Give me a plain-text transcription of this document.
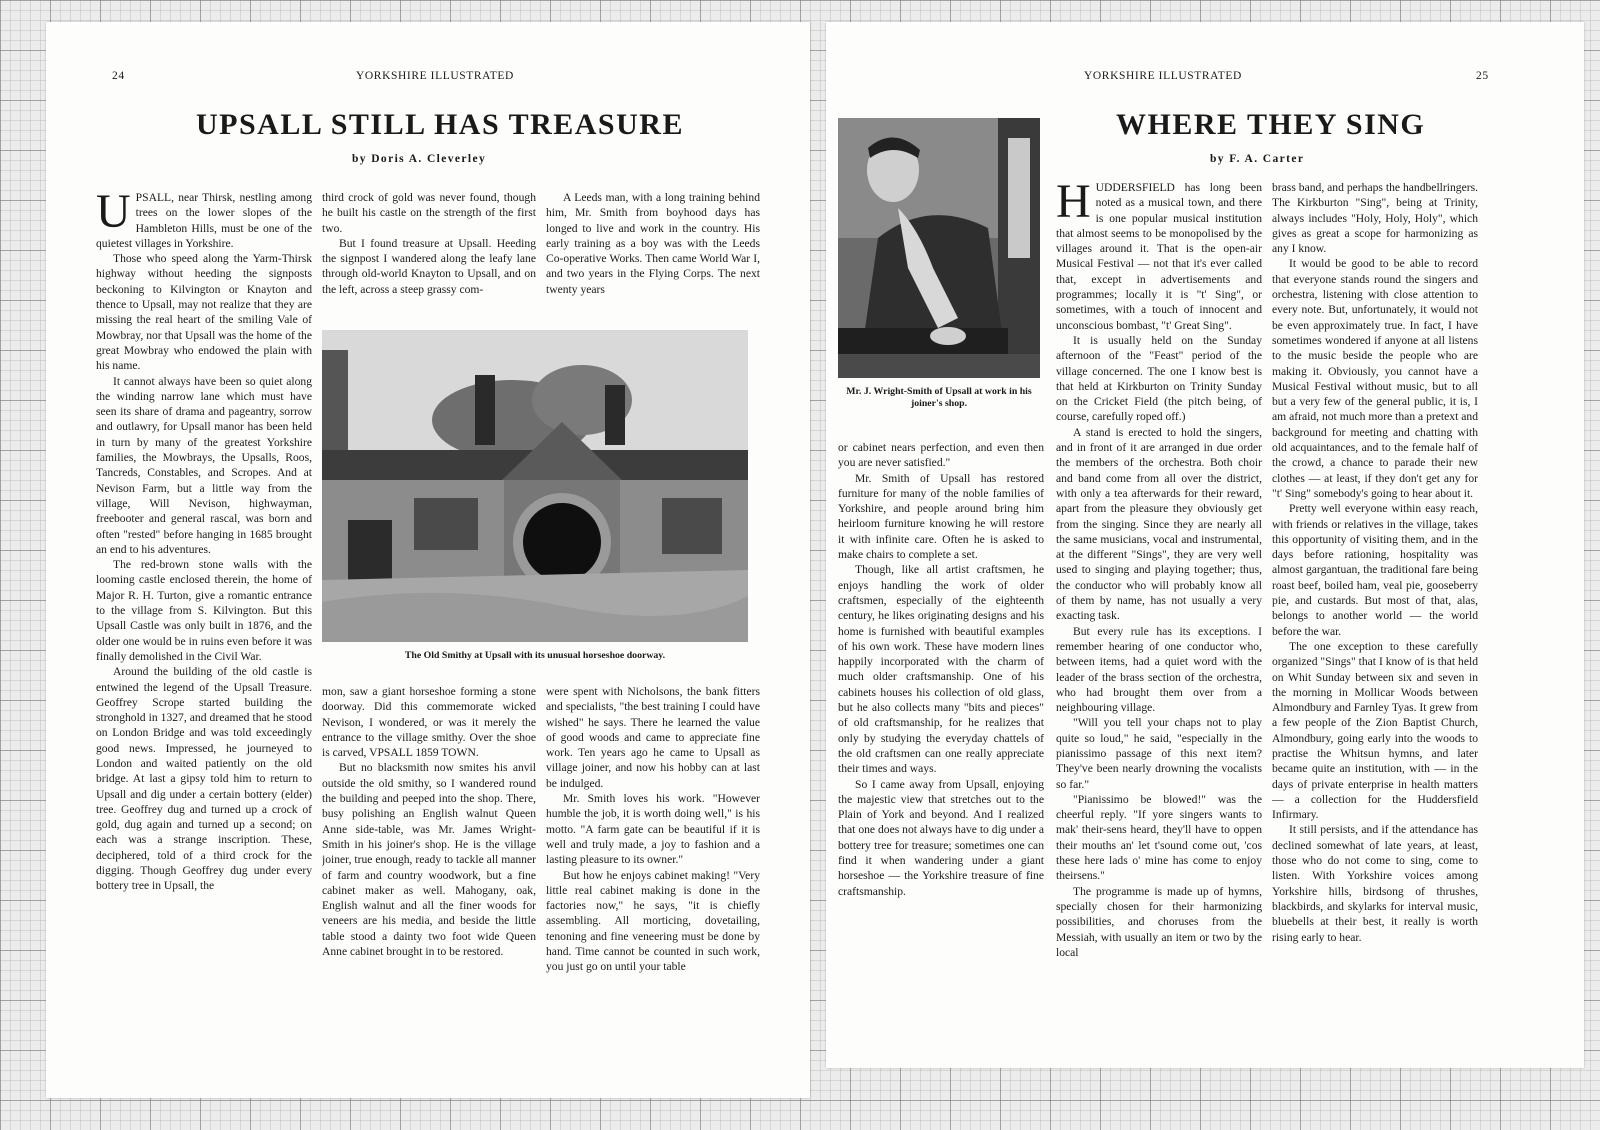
24	YORKSHIRE ILLUSTRATED
UPSALL STILL HAS TREASURE
by Doris A. Cleverley

UPSALL, near Thirsk, nestling among trees on the lower slopes of the Hambleton Hills, must be one of the quietest villages in Yorkshire.

Those who speed along the Yarm-Thirsk highway without heeding the signposts beckoning to Kilvington or Knayton and thence to Upsall, may not realize that they are missing the real heart of the smiling Vale of Mowbray, nor that Upsall was the home of the great Mowbray who endowed the plain with his name.

It cannot always have been so quiet along the winding narrow lane which must have seen its share of drama and pageantry, sorrow and outlawry, for Upsall manor has been held in turn by many of the greatest Yorkshire families, the Mowbrays, the Upsalls, Roos, Tancreds, Constables, and Scropes. And at Nevison Farm, but a little way from the village, Will Nevison, highwayman, freebooter and general rascal, was born and often "rested" before hanging in 1685 brought an end to his adventures.

The red-brown stone walls with the looming castle enclosed therein, the home of Major R. H. Turton, give a romantic entrance to the village from S. Kilvington. But this Upsall Castle was only built in 1876, and the older one would be in ruins even before it was finally demolished in the Civil War.

Around the building of the old castle is entwined the legend of the Upsall Treasure. Geoffrey Scrope started building the stronghold in 1327, and dreamed that he stood on London Bridge and was told exceedingly good news. Impressed, he journeyed to London and waited patiently on the old bridge. At last a gipsy told him to return to Upsall and dig under a certain bottery (elder) tree. Geoffrey dug and turned up a crock of gold, dug again and turned up a second; on each was a strange inscription. These, deciphered, told of a third crock for the digging. Though Geoffrey dug under every bottery tree in Upsall, the

third crock of gold was never found, though he built his castle on the strength of the first two.

But I found treasure at Upsall. Heeding the signpost I wandered along the leafy lane through old-world Knayton to Upsall, and on the left, across a steep grassy com-

A Leeds man, with a long training behind him, Mr. Smith from boyhood days has longed to live and work in the country. His early training as a boy was with the Leeds Co-operative Works. Then came World War I, and two years in the Flying Corps. The next twenty years

The Old Smithy at Upsall with its unusual horseshoe doorway.

mon, saw a giant horseshoe forming a stone doorway. Did this commemorate wicked Nevison, I wondered, or was it merely the entrance to the village smithy. Over the shoe is carved, VPSALL 1859 TOWN.

But no blacksmith now smites his anvil outside the old smithy, so I wandered round the building and peeped into the shop. There, busy polishing an English walnut Queen Anne side-table, was Mr. James Wright-Smith in his joiner's shop. He is the village joiner, true enough, ready to tackle all manner of farm and country woodwork, but a fine cabinet maker as well. Mahogany, oak, English walnut and all the finer woods for veneers are his media, and beside the little table stood a dainty two foot wide Queen Anne cabinet brought in to be restored.

were spent with Nicholsons, the bank fitters and specialists, "the best training I could have wished" he says. There he learned the value of good woods and came to appreciate fine work. Ten years ago he came to Upsall as village joiner, and now his hobby can at last be indulged.

Mr. Smith loves his work. "However humble the job, it is worth doing well," is his motto. "A farm gate can be beautiful if it is well and truly made, a joy to fashion and a lasting pleasure to its owner."

But how he enjoys cabinet making! "Very little real cabinet making is done in the factories now," he says, "it is chiefly assembling. All morticing, dovetailing, tenoning and fine veneering must be done by hand. Time cannot be counted in such work, you just go on until your table

YORKSHIRE ILLUSTRATED	25
WHERE THEY SING
by F. A. Carter
Mr. J. Wright-Smith of Upsall at work in his joiner's shop.

or cabinet nears perfection, and even then you are never satisfied."

Mr. Smith of Upsall has restored furniture for many of the noble families of Yorkshire, and people around bring him heirloom furniture knowing he will restore it with infinite care. Often he is asked to make chairs to complete a set.

Though, like all artist craftsmen, he enjoys handling the work of older craftsmen, especially of the eighteenth century, he likes originating designs and his home is furnished with beautiful examples of his own work. These have modern lines happily incorporated with the charm of much older craftsmanship. One of his cabinets houses his collection of old glass, but he also collects many "bits and pieces" of old craftsmanship, for he realizes that only by studying the everyday chattels of the old craftsmen can one really appreciate their times and ways.

So I came away from Upsall, enjoying the majestic view that stretches out to the Plain of York and beyond. And I realized that one does not always have to dig under a bottery tree for treasure; sometimes one can find it when wandering under a giant horseshoe — the Yorkshire treasure of fine craftsmanship.

HUDDERSFIELD has long been noted as a musical town, and there is one popular musical institution that almost seems to be monopolised by the villages around it. That is the open-air Musical Festival — not that it's ever called that, except in advertisements and programmes; locally it is "t' Sing", or sometimes, with a touch of innocent and unconscious bombast, "t' Great Sing".

It is usually held on the Sunday afternoon of the "Feast" period of the village concerned. The one I know best is that held at Kirkburton on Trinity Sunday on the Cricket Field (the pitch being, of course, carefully roped off.)

A stand is erected to hold the singers, and in front of it are arranged in due order the members of the orchestra. Both choir and band come from all over the district, with only a tea afterwards for their reward, apart from the pleasure they obviously get from the singing. Since they are nearly all the same musicians, vocal and instrumental, at the different "Sings", they are very well used to singing and playing together; thus, the conductor who will probably know all of them by name, has not usually a very exacting task.

But every rule has its exceptions. I remember hearing of one conductor who, between items, had a quiet word with the leader of the brass section of the orchestra, who had brought them over from a neighbouring village.

"Will you tell your chaps not to play quite so loud," he said, "especially in the pianissimo passage of this next item? They've been nearly drowning the vocalists so far."

"Pianissimo be blowed!" was the cheerful reply. "If yore singers wants to mak' their-sens heard, they'll have to oppen their mouths an' let t'sound come out, 'cos these here lads o' mine has come to enjoy theirsens."

The programme is made up of hymns, specially chosen for their harmonizing possibilities, and choruses from the Messiah, with usually an item or two by the local

brass band, and perhaps the handbellringers. The Kirkburton "Sing", being at Trinity, always includes "Holy, Holy, Holy", which gives as great a scope for harmonizing as any I know.

It would be good to be able to record that everyone stands round the singers and orchestra, listening with close attention to every note. But, unfortunately, it would not be even approximately true. In fact, I have sometimes wondered if anyone at all listens to the music beside the people who are making it. Obviously, you cannot have a Musical Festival without music, but to all but a very few of the general public, it is, I am afraid, not much more than a pretext and background for meeting and chatting with old acquaintances, and to the female half of the crowd, a chance to parade their new clothes — at least, if they don't get any for "t' Sing" somebody's going to hear about it.

Pretty well everyone within easy reach, with friends or relatives in the village, takes this opportunity of visiting them, and in the days before rationing, hospitality was almost gargantuan, the traditional fare being roast beef, boiled ham, veal pie, gooseberry pie, and custards. But most of that, alas, belongs to another world — the world before the war.

The one exception to these carefully organized "Sings" that I know of is that held on Whit Sunday between six and seven in the morning in Mollicar Woods between Almondbury and Farnley Tyas. It grew from a few people of the Zion Baptist Church, Almondbury, going early into the woods to practise the Whitsun hymns, and later became quite an institution, with — in the days of private enterprise in health matters — a collection for the Huddersfield Infirmary.

It still persists, and if the attendance has declined somewhat of late years, at least, those who do not come to sing, come to listen. With Yorkshire voices among Yorkshire hills, birdsong of thrushes, blackbirds, and skylarks for interval music, bluebells at their best, it really is worth rising early to hear.
